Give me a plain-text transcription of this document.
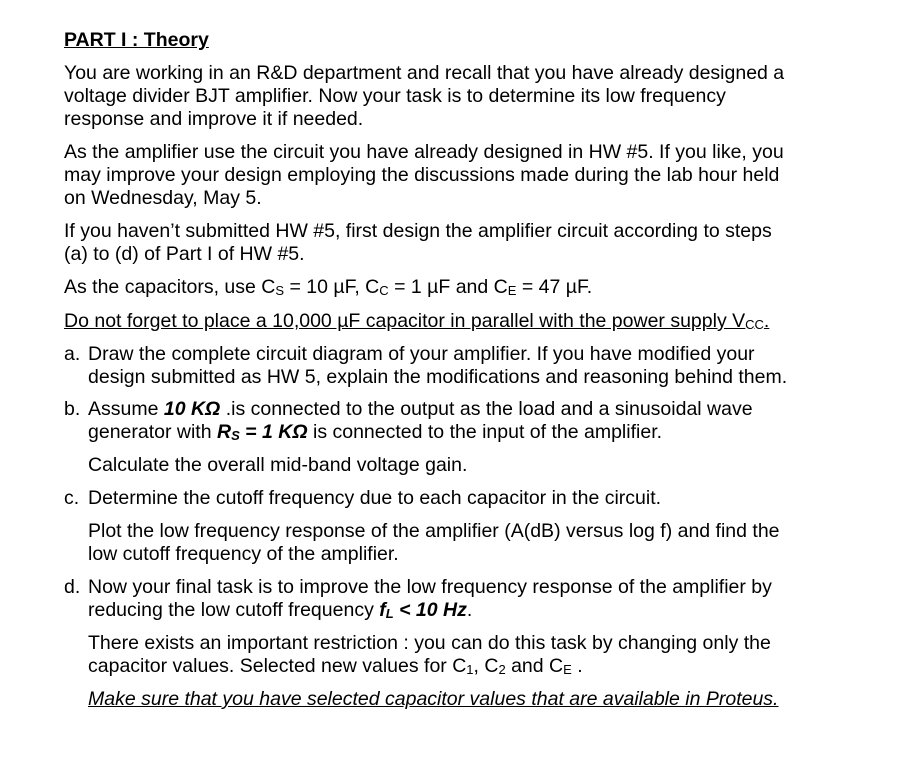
PART I : Theory
You are working in an R&D department and recall that you have already designed a
voltage divider BJT amplifier. Now your task is to determine its low frequency
response and improve it if needed.
As the amplifier use the circuit you have already designed in HW #5. If you like, you
may improve your design employing the discussions made during the lab hour held
on Wednesday, May 5.
If you haven’t submitted HW #5, first design the amplifier circuit according to steps
(a) to (d) of Part I of HW #5.
As the capacitors, use CS = 10 µF, CC = 1 µF and CE = 47 µF.
Do not forget to place a 10,000 µF capacitor in parallel with the power supply VCC.
a. Draw the complete circuit diagram of your amplifier. If you have modified your
design submitted as HW 5, explain the modifications and reasoning behind them.
b. Assume 10 KΩ .is connected to the output as the load and a sinusoidal wave
generator with RS = 1 KΩ is connected to the input of the amplifier.
Calculate the overall mid-band voltage gain.
c. Determine the cutoff frequency due to each capacitor in the circuit.
Plot the low frequency response of the amplifier (A(dB) versus log f) and find the
low cutoff frequency of the amplifier.
d. Now your final task is to improve the low frequency response of the amplifier by
reducing the low cutoff frequency fL < 10 Hz.
There exists an important restriction : you can do this task by changing only the
capacitor values. Selected new values for C1, C2 and CE .
Make sure that you have selected capacitor values that are available in Proteus.
